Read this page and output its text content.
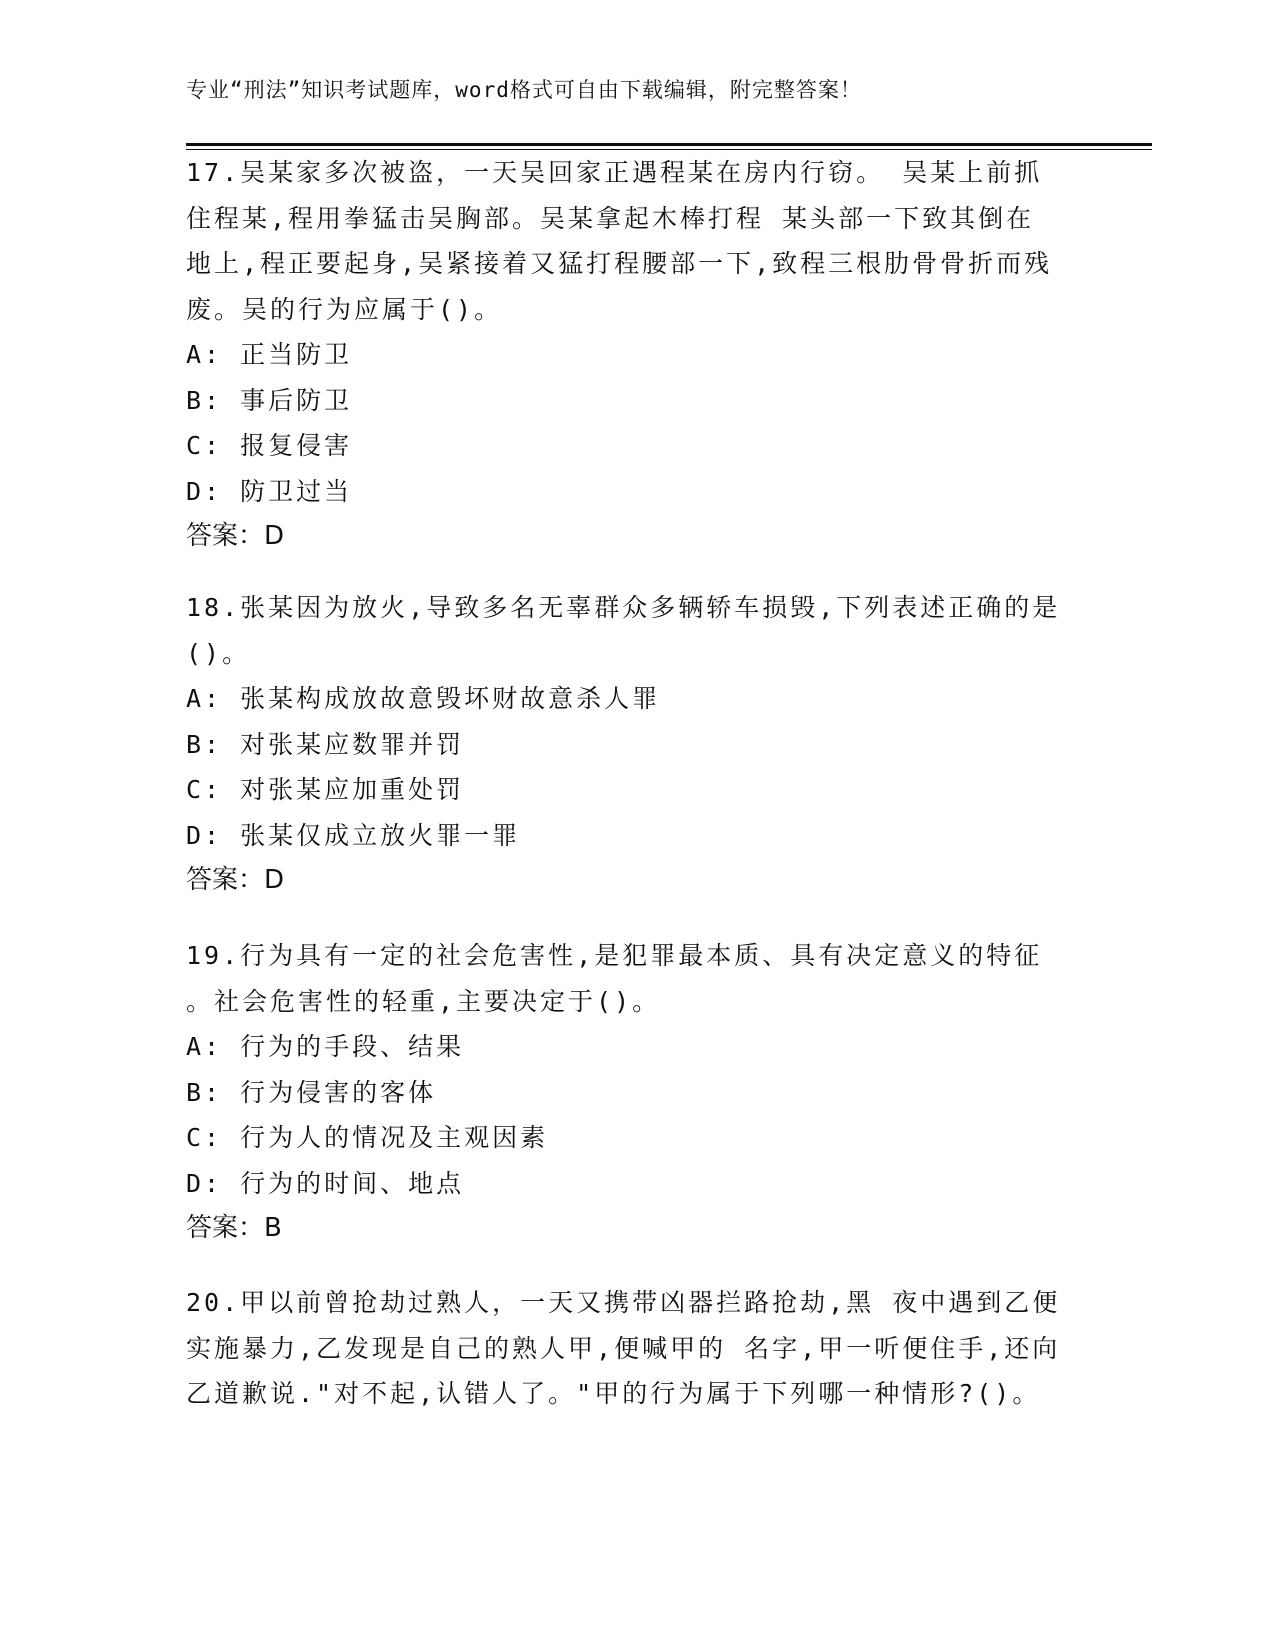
专业“刑法”知识考试题库，word格式可自由下载编辑，附完整答案！
17.吴某家多次被盗，一天吴回家正遇程某在房内行窃。 吴某上前抓
住程某,程用拳猛击吴胸部。吴某拿起木棒打程 某头部一下致其倒在
地上,程正要起身,吴紧接着又猛打程腰部一下,致程三根肋骨骨折而残
废。吴的行为应属于()。
A: 正当防卫
B: 事后防卫
C: 报复侵害
D: 防卫过当
答案：D
18.张某因为放火,导致多名无辜群众多辆轿车损毁,下列表述正确的是
()。
A: 张某构成放故意毁坏财故意杀人罪
B: 对张某应数罪并罚
C: 对张某应加重处罚
D: 张某仅成立放火罪一罪
答案：D
19.行为具有一定的社会危害性,是犯罪最本质、具有决定意义的特征
。社会危害性的轻重,主要决定于()。
A: 行为的手段、结果
B: 行为侵害的客体
C: 行为人的情况及主观因素
D: 行为的时间、地点
答案：B
20.甲以前曾抢劫过熟人，一天又携带凶器拦路抢劫,黑 夜中遇到乙便
实施暴力,乙发现是自己的熟人甲,便喊甲的 名字,甲一听便住手,还向
乙道歉说."对不起,认错人了。"甲的行为属于下列哪一种情形?()。
